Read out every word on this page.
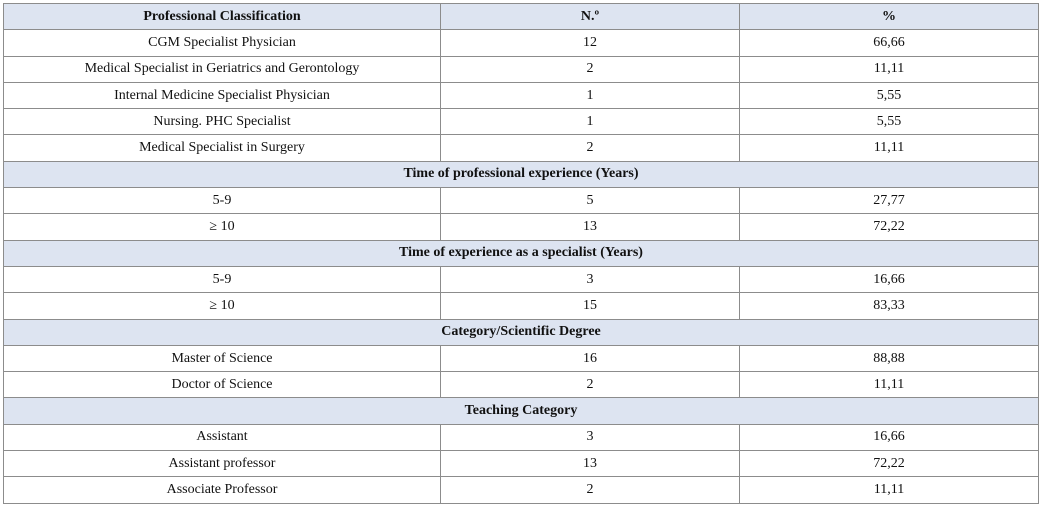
Professional Classification	N.º	%
CGM Specialist Physician	12	66,66
Medical Specialist in Geriatrics and Gerontology	2	11,11
Internal Medicine Specialist Physician	1	5,55
Nursing. PHC Specialist	1	5,55
Medical Specialist in Surgery	2	11,11
Time of professional experience (Years)		
5-9	5	27,77
≥ 10	13	72,22
Time of experience as a specialist (Years)		
5-9	3	16,66
≥ 10	15	83,33
Category/Scientific Degree		
Master of Science	16	88,88
Doctor of Science	2	11,11
Teaching Category		
Assistant	3	16,66
Assistant professor	13	72,22
Associate Professor	2	11,11
